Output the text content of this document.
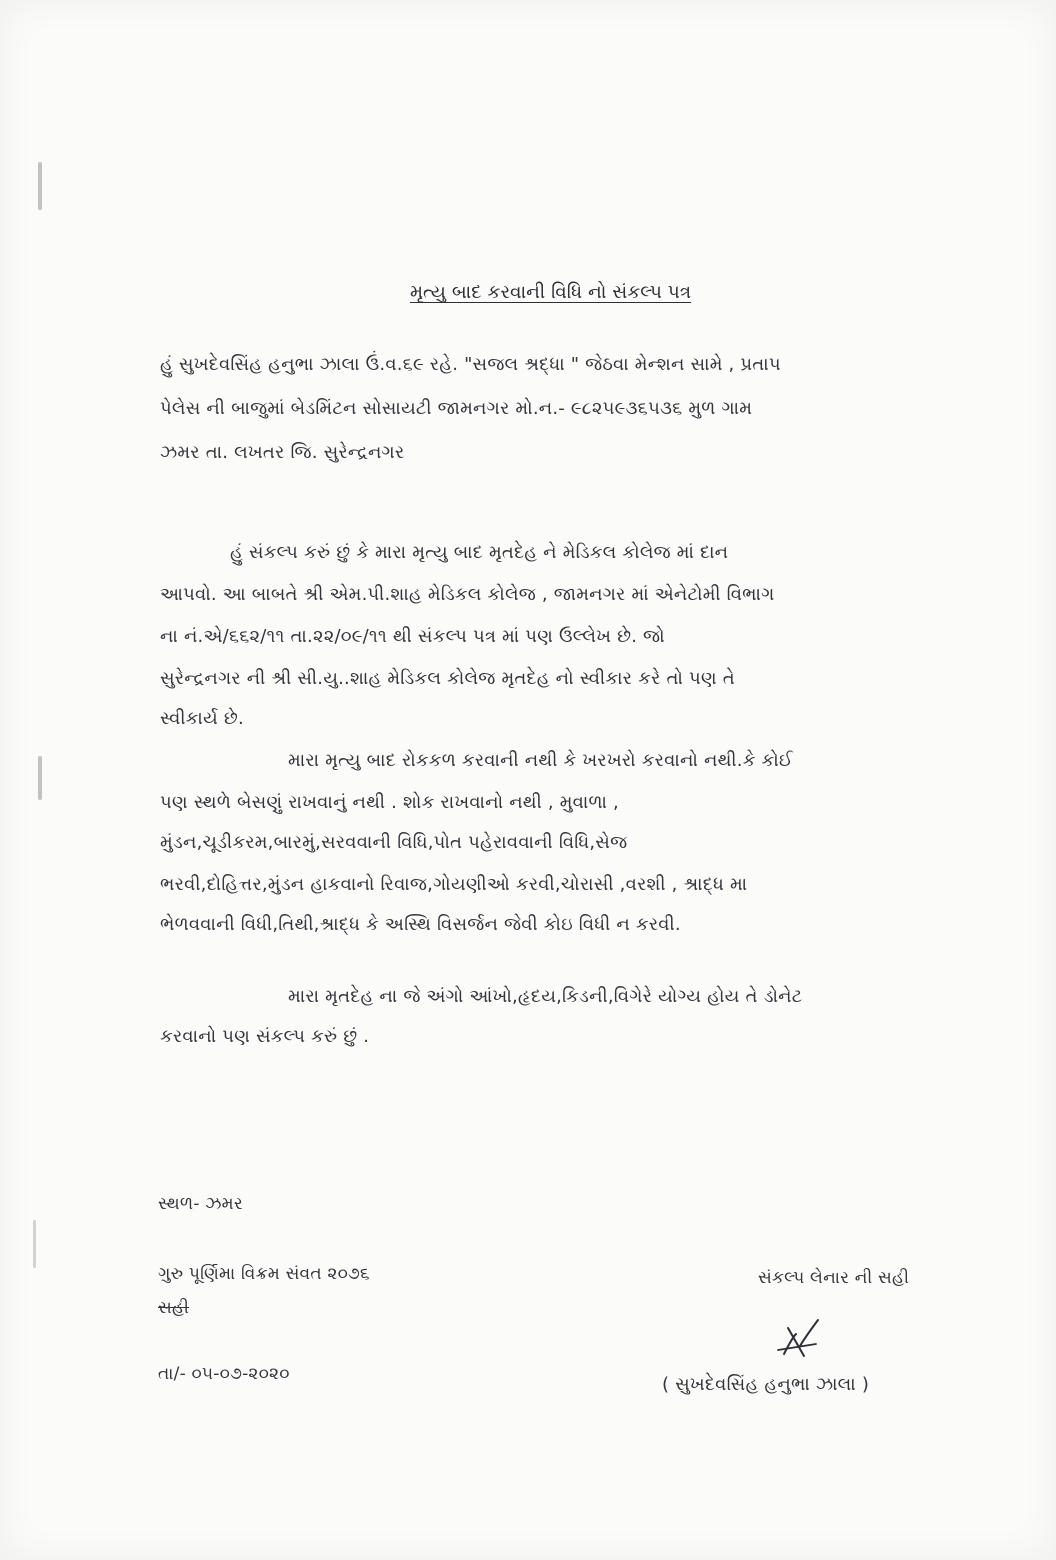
મૃત્યુ બાદ કરવાની વિધિ નો સંકલ્પ પત્ર
હું સુખદેવસિંહ હનુભા ઝાલા ઉં.વ.૬૯ રહે. "સજલ શ્રદ્ધા " જેઠવા મેન્શન સામે , પ્રતાપ
પેલેસ ની બાજુમાં બેડમિંટન સોસાયટી જામનગર મો.ન.- ૯૮૨૫૯૩૬૫૩૬ મુળ ગામ
ઝમર તા. લખતર જિ. સુરેન્દ્રનગર
હું સંકલ્પ કરું છું કે મારા મૃત્યુ બાદ મૃતદેહ ને મેડિકલ કોલેજ માં દાન
આપવો. આ બાબતે શ્રી એમ.પી.શાહ મેડિકલ કોલેજ , જામનગર માં એનેટોમી વિભાગ
ના નં.એ/૬૬૨/૧૧ તા.૨૨/૦૯/૧૧ થી સંકલ્પ પત્ર માં પણ ઉલ્લેખ છે. જો
સુરેન્દ્રનગર ની શ્રી સી.યુ..શાહ મેડિકલ કોલેજ મૃતદેહ નો સ્વીકાર કરે તો પણ તે
સ્વીકાર્ય છે.
મારા મૃત્યુ બાદ રોકકળ કરવાની નથી કે ખરખરો કરવાનો નથી.કે કોઈ
પણ સ્થળે બેસણું રાખવાનું નથી . શોક રાખવાનો નથી , મુવાળા ,
મુંડન,ચૂડીકરમ,બારમું,સરવવાની વિધિ,પોત પહેરાવવાની વિધિ,સેજ
ભરવી,દોહિત્તર,મુંડન હાકવાનો રિવાજ,ગોયણીઓ કરવી,ચોરાસી ,વરશી , શ્રાદ્ધ મા
ભેળવવાની વિધી,તિથી,શ્રાદ્ધ કે અસ્થિ વિસર્જન જેવી કોઇ વિધી ન કરવી.
મારા મૃતદેહ ના જે અંગો આંખો,હૃદય,કિડની,વિગેરે યોગ્ય હોય તે ડોનેટ
કરવાનો પણ સંકલ્પ કરું છું .
સ્થળ- ઝમર
ગુરુ પૂર્ણિમા વિક્રમ સંવત ૨૦૭૬
સહી
તા/- ૦૫-૦૭-૨૦૨૦
સંકલ્પ લેનાર ની સહી
( સુખદેવસિંહ હનુભા ઝાલા )
